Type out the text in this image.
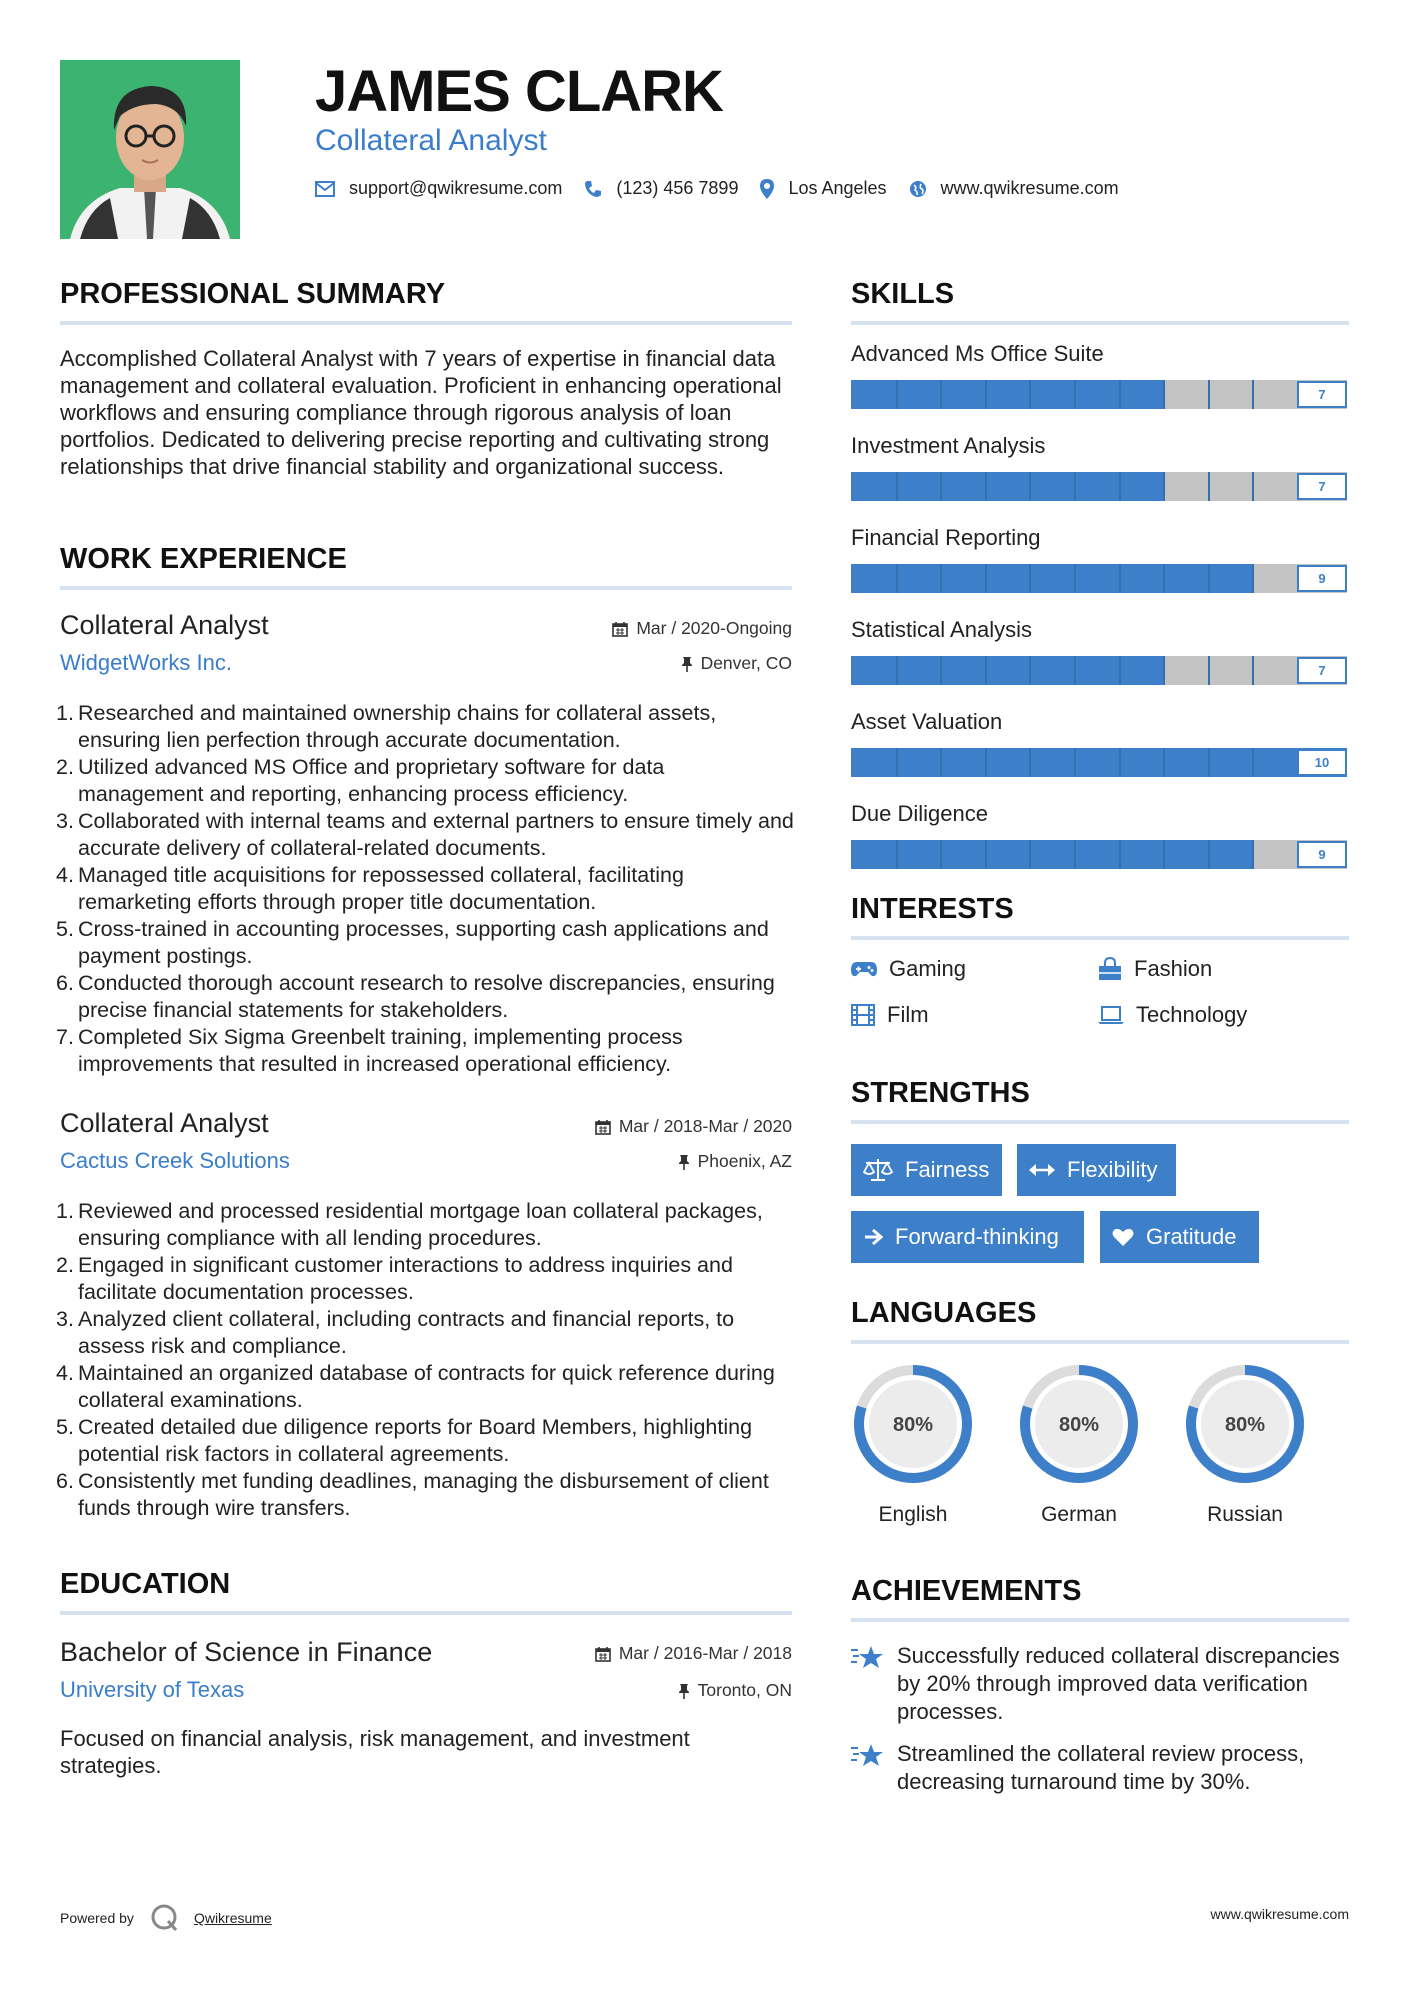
JAMES CLARK
Collateral Analyst
support@qwikresume.com	(123) 456 7899	Los Angeles	www.qwikresume.com
PROFESSIONAL SUMMARY
Accomplished Collateral Analyst with 7 years of expertise in financial data management and collateral evaluation. Proficient in enhancing operational workflows and ensuring compliance through rigorous analysis of loan portfolios. Dedicated to delivering precise reporting and cultivating strong relationships that drive financial stability and organizational success.
WORK EXPERIENCE
Collateral Analyst
WidgetWorks Inc.
Mar / 2020-Ongoing
Denver, CO
1. Researched and maintained ownership chains for collateral assets, ensuring lien perfection through accurate documentation.
2. Utilized advanced MS Office and proprietary software for data management and reporting, enhancing process efficiency.
3. Collaborated with internal teams and external partners to ensure timely and accurate delivery of collateral-related documents.
4. Managed title acquisitions for repossessed collateral, facilitating remarketing efforts through proper title documentation.
5. Cross-trained in accounting processes, supporting cash applications and payment postings.
6. Conducted thorough account research to resolve discrepancies, ensuring precise financial statements for stakeholders.
7. Completed Six Sigma Greenbelt training, implementing process improvements that resulted in increased operational efficiency.
Collateral Analyst
Cactus Creek Solutions
Mar / 2018-Mar / 2020
Phoenix, AZ
1. Reviewed and processed residential mortgage loan collateral packages, ensuring compliance with all lending procedures.
2. Engaged in significant customer interactions to address inquiries and facilitate documentation processes.
3. Analyzed client collateral, including contracts and financial reports, to assess risk and compliance.
4. Maintained an organized database of contracts for quick reference during collateral examinations.
5. Created detailed due diligence reports for Board Members, highlighting potential risk factors in collateral agreements.
6. Consistently met funding deadlines, managing the disbursement of client funds through wire transfers.
EDUCATION
Bachelor of Science in Finance
University of Texas
Mar / 2016-Mar / 2018
Toronto, ON
Focused on financial analysis, risk management, and investment strategies.
SKILLS
Advanced Ms Office Suite
7
Investment Analysis
7
Financial Reporting
9
Statistical Analysis
7
Asset Valuation
10
Due Diligence
9
INTERESTS
Gaming	Fashion
Film	Technology
STRENGTHS
Fairness	Flexibility
Forward-thinking	Gratitude
LANGUAGES
80%
English
80%
German
80%
Russian
ACHIEVEMENTS
Successfully reduced collateral discrepancies by 20% through improved data verification processes.
Streamlined the collateral review process, decreasing turnaround time by 30%.
Powered by	Qwikresume	www.qwikresume.com
